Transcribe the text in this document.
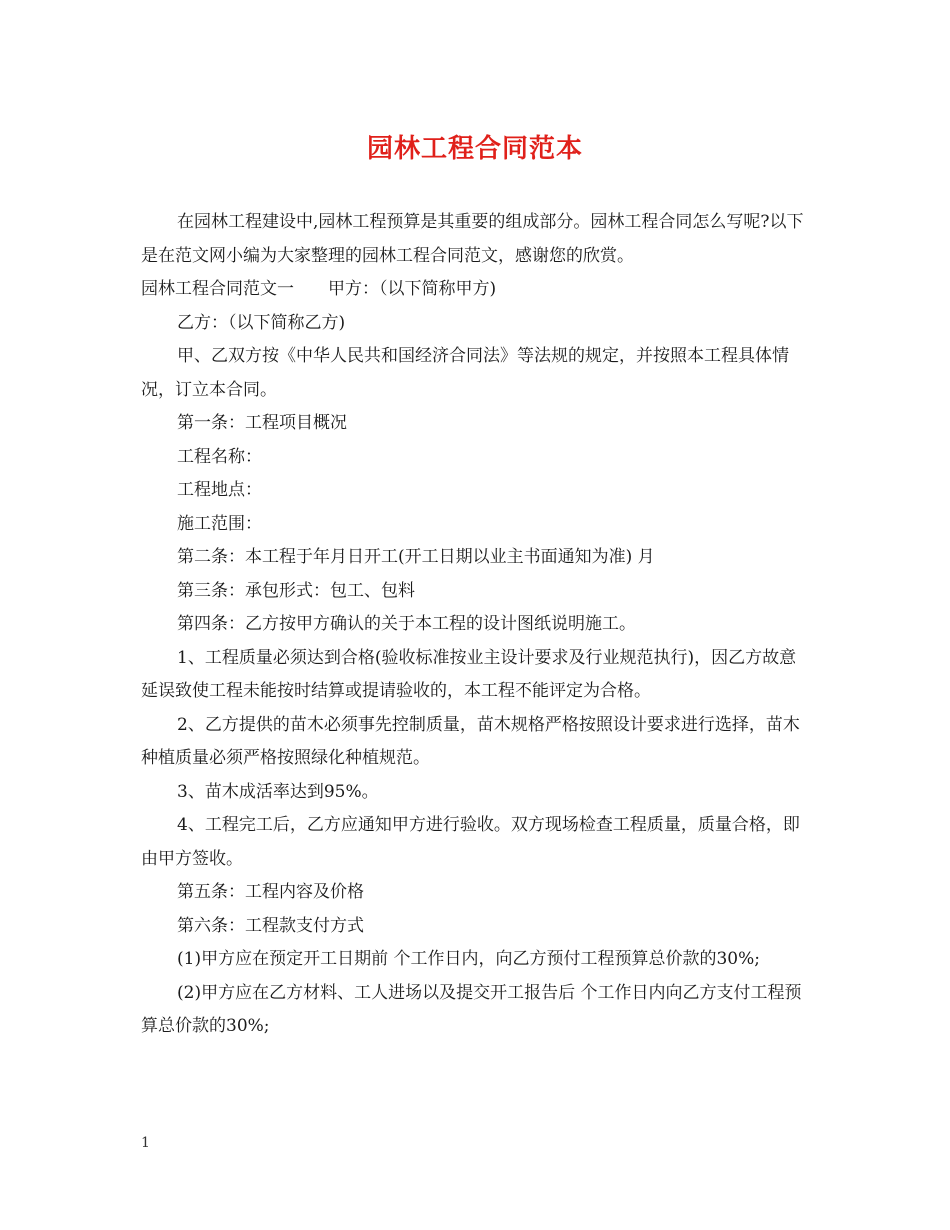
园林工程合同范本

在园林工程建设中,园林工程预算是其重要的组成部分。园林工程合同怎么写呢?以下是在范文网小编为大家整理的园林工程合同范文，感谢您的欣赏。

园林工程合同范文一　　甲方：（以下简称甲方)

乙方：（以下简称乙方)

甲、乙双方按《中华人民共和国经济合同法》等法规的规定，并按照本工程具体情况，订立本合同。

第一条：工程项目概况

工程名称：

工程地点：

施工范围：

第二条：本工程于年月日开工(开工日期以业主书面通知为准) 月

第三条：承包形式：包工、包料

第四条：乙方按甲方确认的关于本工程的设计图纸说明施工。

1、工程质量必须达到合格(验收标准按业主设计要求及行业规范执行)，因乙方故意延误致使工程未能按时结算或提请验收的，本工程不能评定为合格。

2、乙方提供的苗木必须事先控制质量，苗木规格严格按照设计要求进行选择，苗木种植质量必须严格按照绿化种植规范。

3、苗木成活率达到95%。

4、工程完工后，乙方应通知甲方进行验收。双方现场检查工程质量，质量合格，即由甲方签收。

第五条：工程内容及价格

第六条：工程款支付方式

(1)甲方应在预定开工日期前 个工作日内，向乙方预付工程预算总价款的30%;

(2)甲方应在乙方材料、工人进场以及提交开工报告后 个工作日内向乙方支付工程预算总价款的30%;

1
